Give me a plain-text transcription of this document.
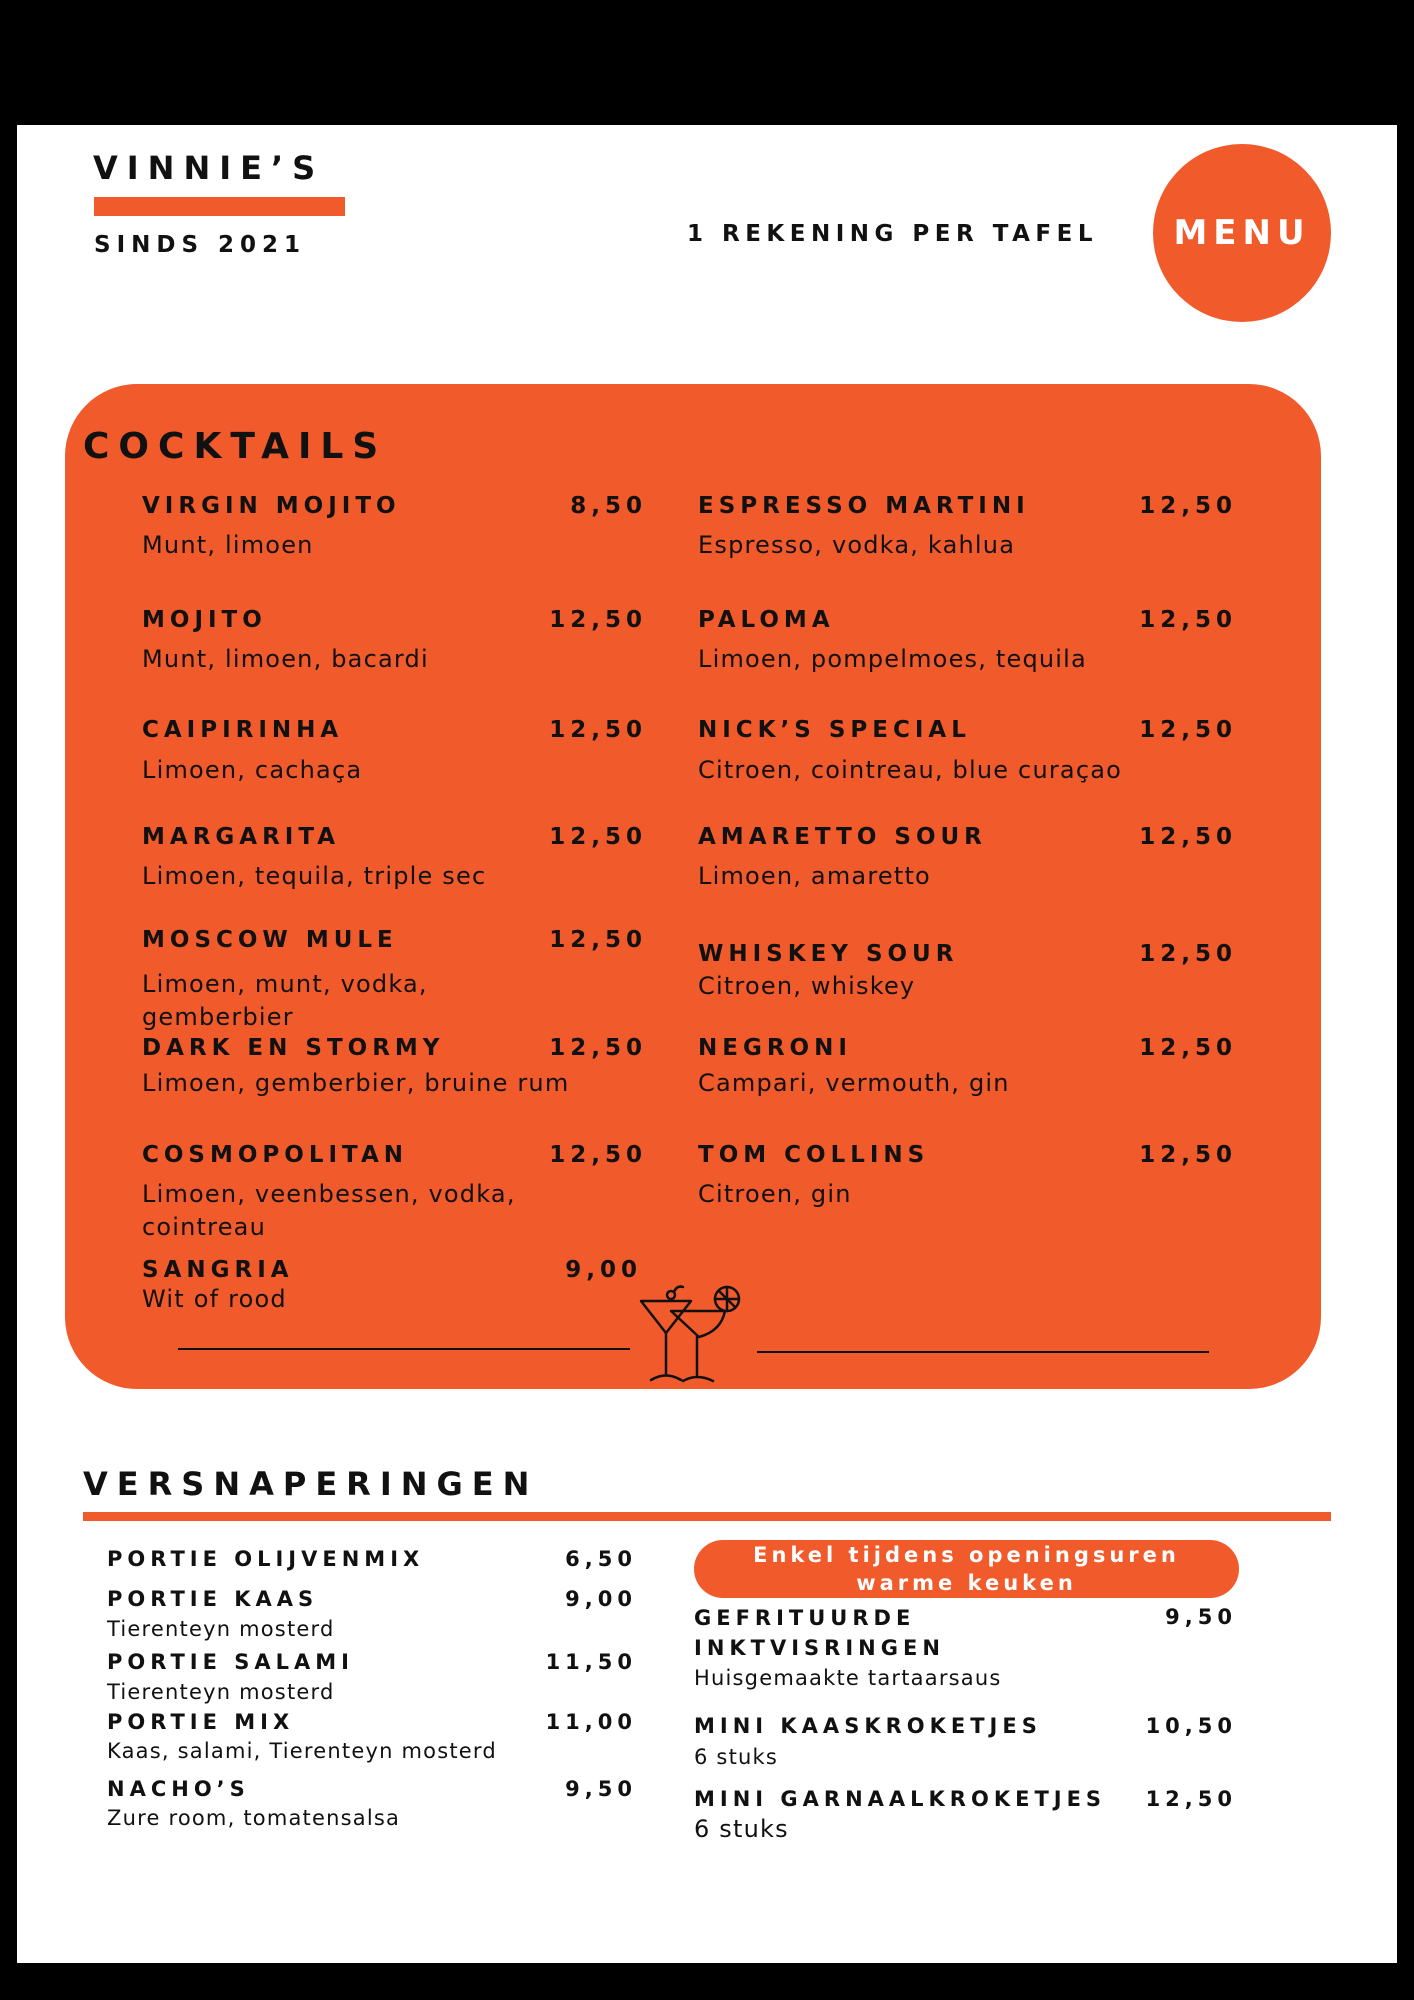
VINNIE’S
SINDS 2021	1 REKENING PER TAFEL	MENU
COCKTAILS
VIRGIN MOJITO	8,50
Munt, limoen
MOJITO	12,50
Munt, limoen, bacardi
CAIPIRINHA	12,50
Limoen, cachaça
MARGARITA	12,50
Limoen, tequila, triple sec
MOSCOW MULE	12,50
Limoen, munt, vodka, gemberbier
DARK EN STORMY	12,50
Limoen, gemberbier, bruine rum
COSMOPOLITAN	12,50
Limoen, veenbessen, vodka, cointreau
SANGRIA	9,00
Wit of rood
ESPRESSO MARTINI	12,50
Espresso, vodka, kahlua
PALOMA	12,50
Limoen, pompelmoes, tequila
NICK’S SPECIAL	12,50
Citroen, cointreau, blue curaçao
AMARETTO SOUR	12,50
Limoen, amaretto
WHISKEY SOUR	12,50
Citroen, whiskey
NEGRONI	12,50
Campari, vermouth, gin
TOM COLLINS	12,50
Citroen, gin
VERSNAPERINGEN
PORTIE OLIJVENMIX	6,50
PORTIE KAAS	9,00
Tierenteyn mosterd
PORTIE SALAMI	11,50
Tierenteyn mosterd
PORTIE MIX	11,00
Kaas, salami, Tierenteyn mosterd
NACHO’S	9,50
Zure room, tomatensalsa
Enkel tijdens openingsuren
warme keuken
GEFRITUURDE INKTVISRINGEN
9,50
Huisgemaakte tartaarsaus
MINI KAASKROKETJES	10,50
6 stuks
MINI GARNAALKROKETJES	12,50
6 stuks
